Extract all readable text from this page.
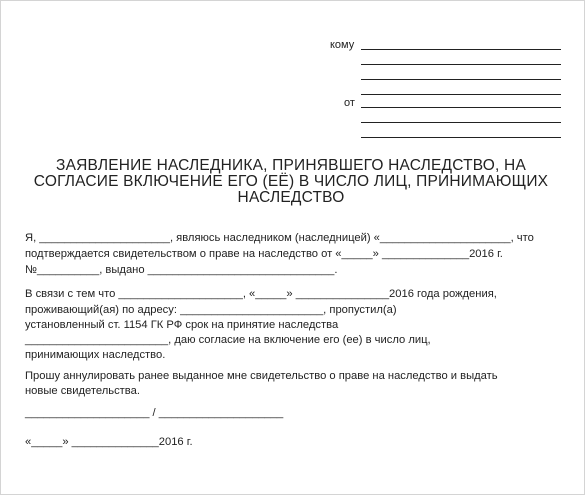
кому
от
ЗАЯВЛЕНИЕ НАСЛЕДНИКА, ПРИНЯВШЕГО НАСЛЕДСТВО, НА
СОГЛАСИЕ ВКЛЮЧЕНИЕ ЕГО (ЕЁ) В ЧИСЛО ЛИЦ, ПРИНИМАЮЩИХ
НАСЛЕДСТВО
Я, _____________________, являюсь наследником (наследницей) «_____________________, что
подтверждается свидетельством о праве на наследство от «_____» ______________2016 г.
№__________, выдано ______________________________.
В связи с тем что ____________________, «_____» _______________2016 года рождения,
проживающий(ая) по адресу: _______________________, пропустил(а)
установленный ст. 1154 ГК РФ срок на принятие наследства
_______________________, даю согласие на включение его (ее) в число лиц,
принимающих наследство.
Прошу аннулировать ранее выданное мне свидетельство о праве на наследство и выдать
новые свидетельства.
____________________ / ____________________
«_____» ______________2016 г.
